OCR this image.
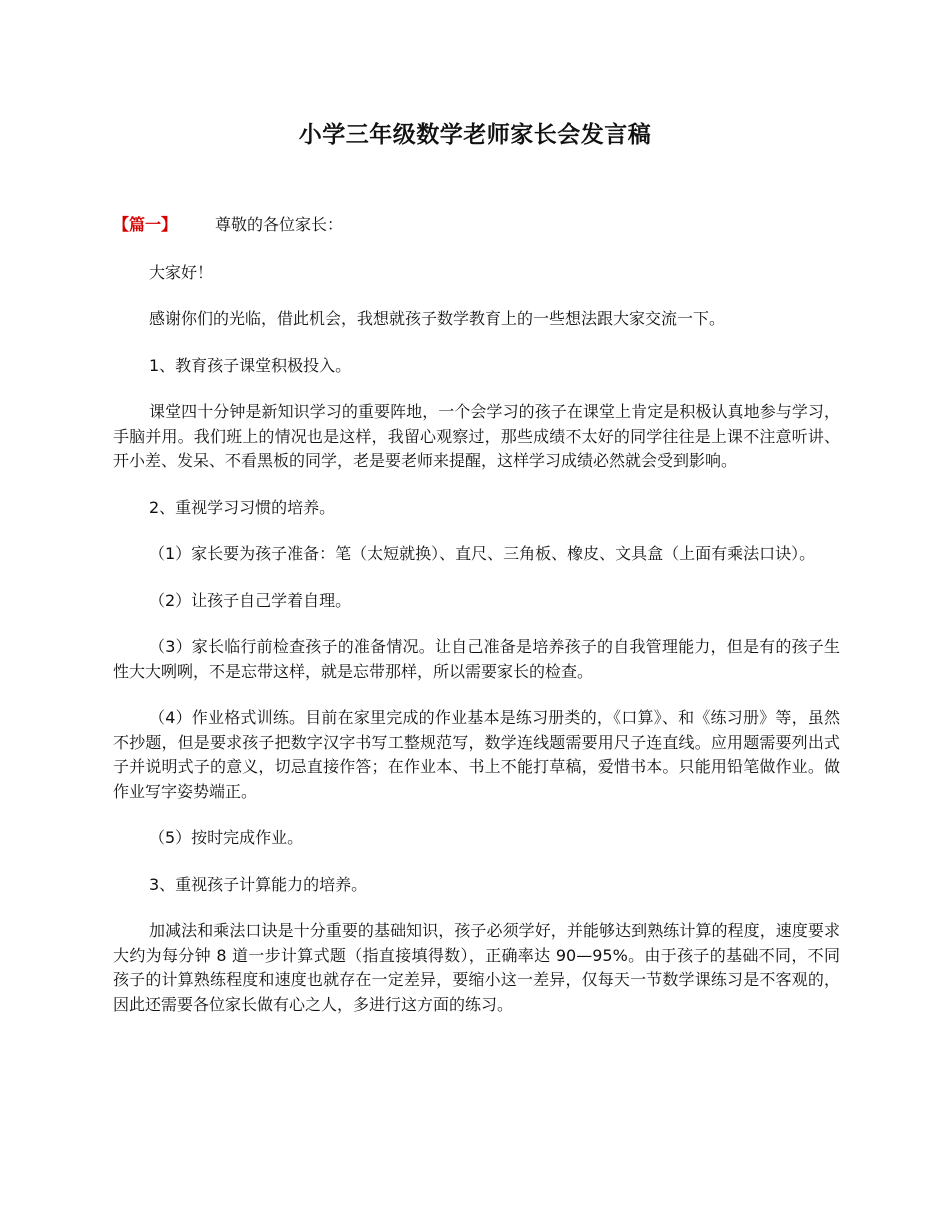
小学三年级数学老师家长会发言稿

【篇一】 尊敬的各位家长：

大家好！

感谢你们的光临，借此机会，我想就孩子数学教育上的一些想法跟大家交流一下。

1、教育孩子课堂积极投入。

课堂四十分钟是新知识学习的重要阵地，一个会学习的孩子在课堂上肯定是积极认真地参与学习，手脑并用。我们班上的情况也是这样，我留心观察过，那些成绩不太好的同学往往是上课不注意听讲、开小差、发呆、不看黑板的同学，老是要老师来提醒，这样学习成绩必然就会受到影响。

2、重视学习习惯的培养。

（1）家长要为孩子准备：笔（太短就换）、直尺、三角板、橡皮、文具盒（上面有乘法口诀）。

（2）让孩子自己学着自理。

（3）家长临行前检查孩子的准备情况。让自己准备是培养孩子的自我管理能力，但是有的孩子生性大大咧咧，不是忘带这样，就是忘带那样，所以需要家长的检查。

（4）作业格式训练。目前在家里完成的作业基本是练习册类的，《口算》、和《练习册》等，虽然不抄题，但是要求孩子把数字汉字书写工整规范写，数学连线题需要用尺子连直线。应用题需要列出式子并说明式子的意义，切忌直接作答；在作业本、书上不能打草稿，爱惜书本。只能用铅笔做作业。做作业写字姿势端正。

（5）按时完成作业。

3、重视孩子计算能力的培养。

加减法和乘法口诀是十分重要的基础知识，孩子必须学好，并能够达到熟练计算的程度，速度要求大约为每分钟 8 道一步计算式题（指直接填得数），正确率达 90—95%。由于孩子的基础不同，不同孩子的计算熟练程度和速度也就存在一定差异，要缩小这一差异，仅每天一节数学课练习是不客观的，因此还需要各位家长做有心之人，多进行这方面的练习。
